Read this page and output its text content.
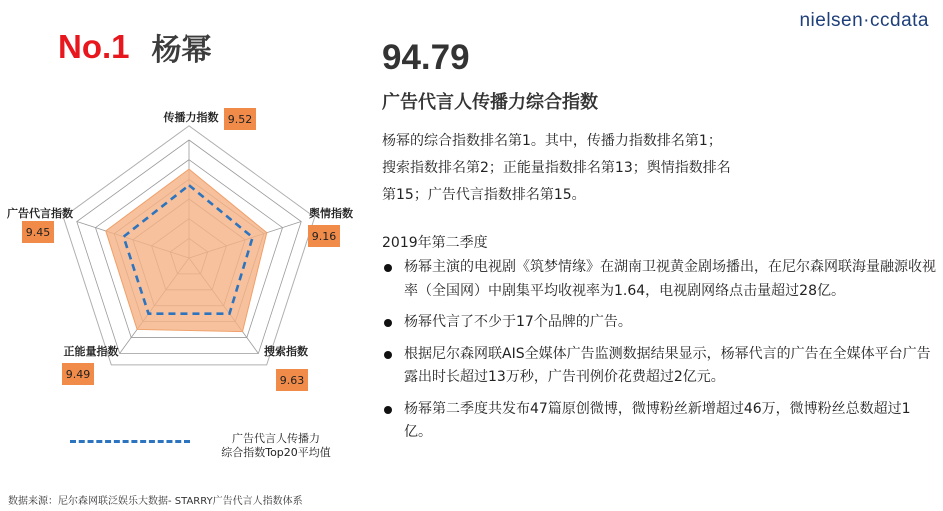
nielsen·ccdata
No.1 杨幂
传播力指数 9.52
舆情指数
9.16
搜索指数
9.63
正能量指数
9.49
广告代言指数
9.45
广告代言人传播力
综合指数Top20平均值
94.79
广告代言人传播力综合指数
杨幂的综合指数排名第1。其中，传播力指数排名第1；
搜索指数排名第2；正能量指数排名第13；舆情指数排名
第15；广告代言指数排名第15。
2019年第二季度
杨幂主演的电视剧《筑梦情缘》在湖南卫视黄金剧场播出，在尼尔森网联海量融源收视率（全国网）中剧集平均收视率为1.64，电视剧网络点击量超过28亿。
杨幂代言了不少于17个品牌的广告。
根据尼尔森网联AIS全媒体广告监测数据结果显示，杨幂代言的广告在全媒体平台广告露出时长超过13万秒，广告刊例价花费超过2亿元。
杨幂第二季度共发布47篇原创微博，微博粉丝新增超过46万，微博粉丝总数超过1亿。
数据来源：尼尔森网联泛娱乐大数据- STARRY广告代言人指数体系
